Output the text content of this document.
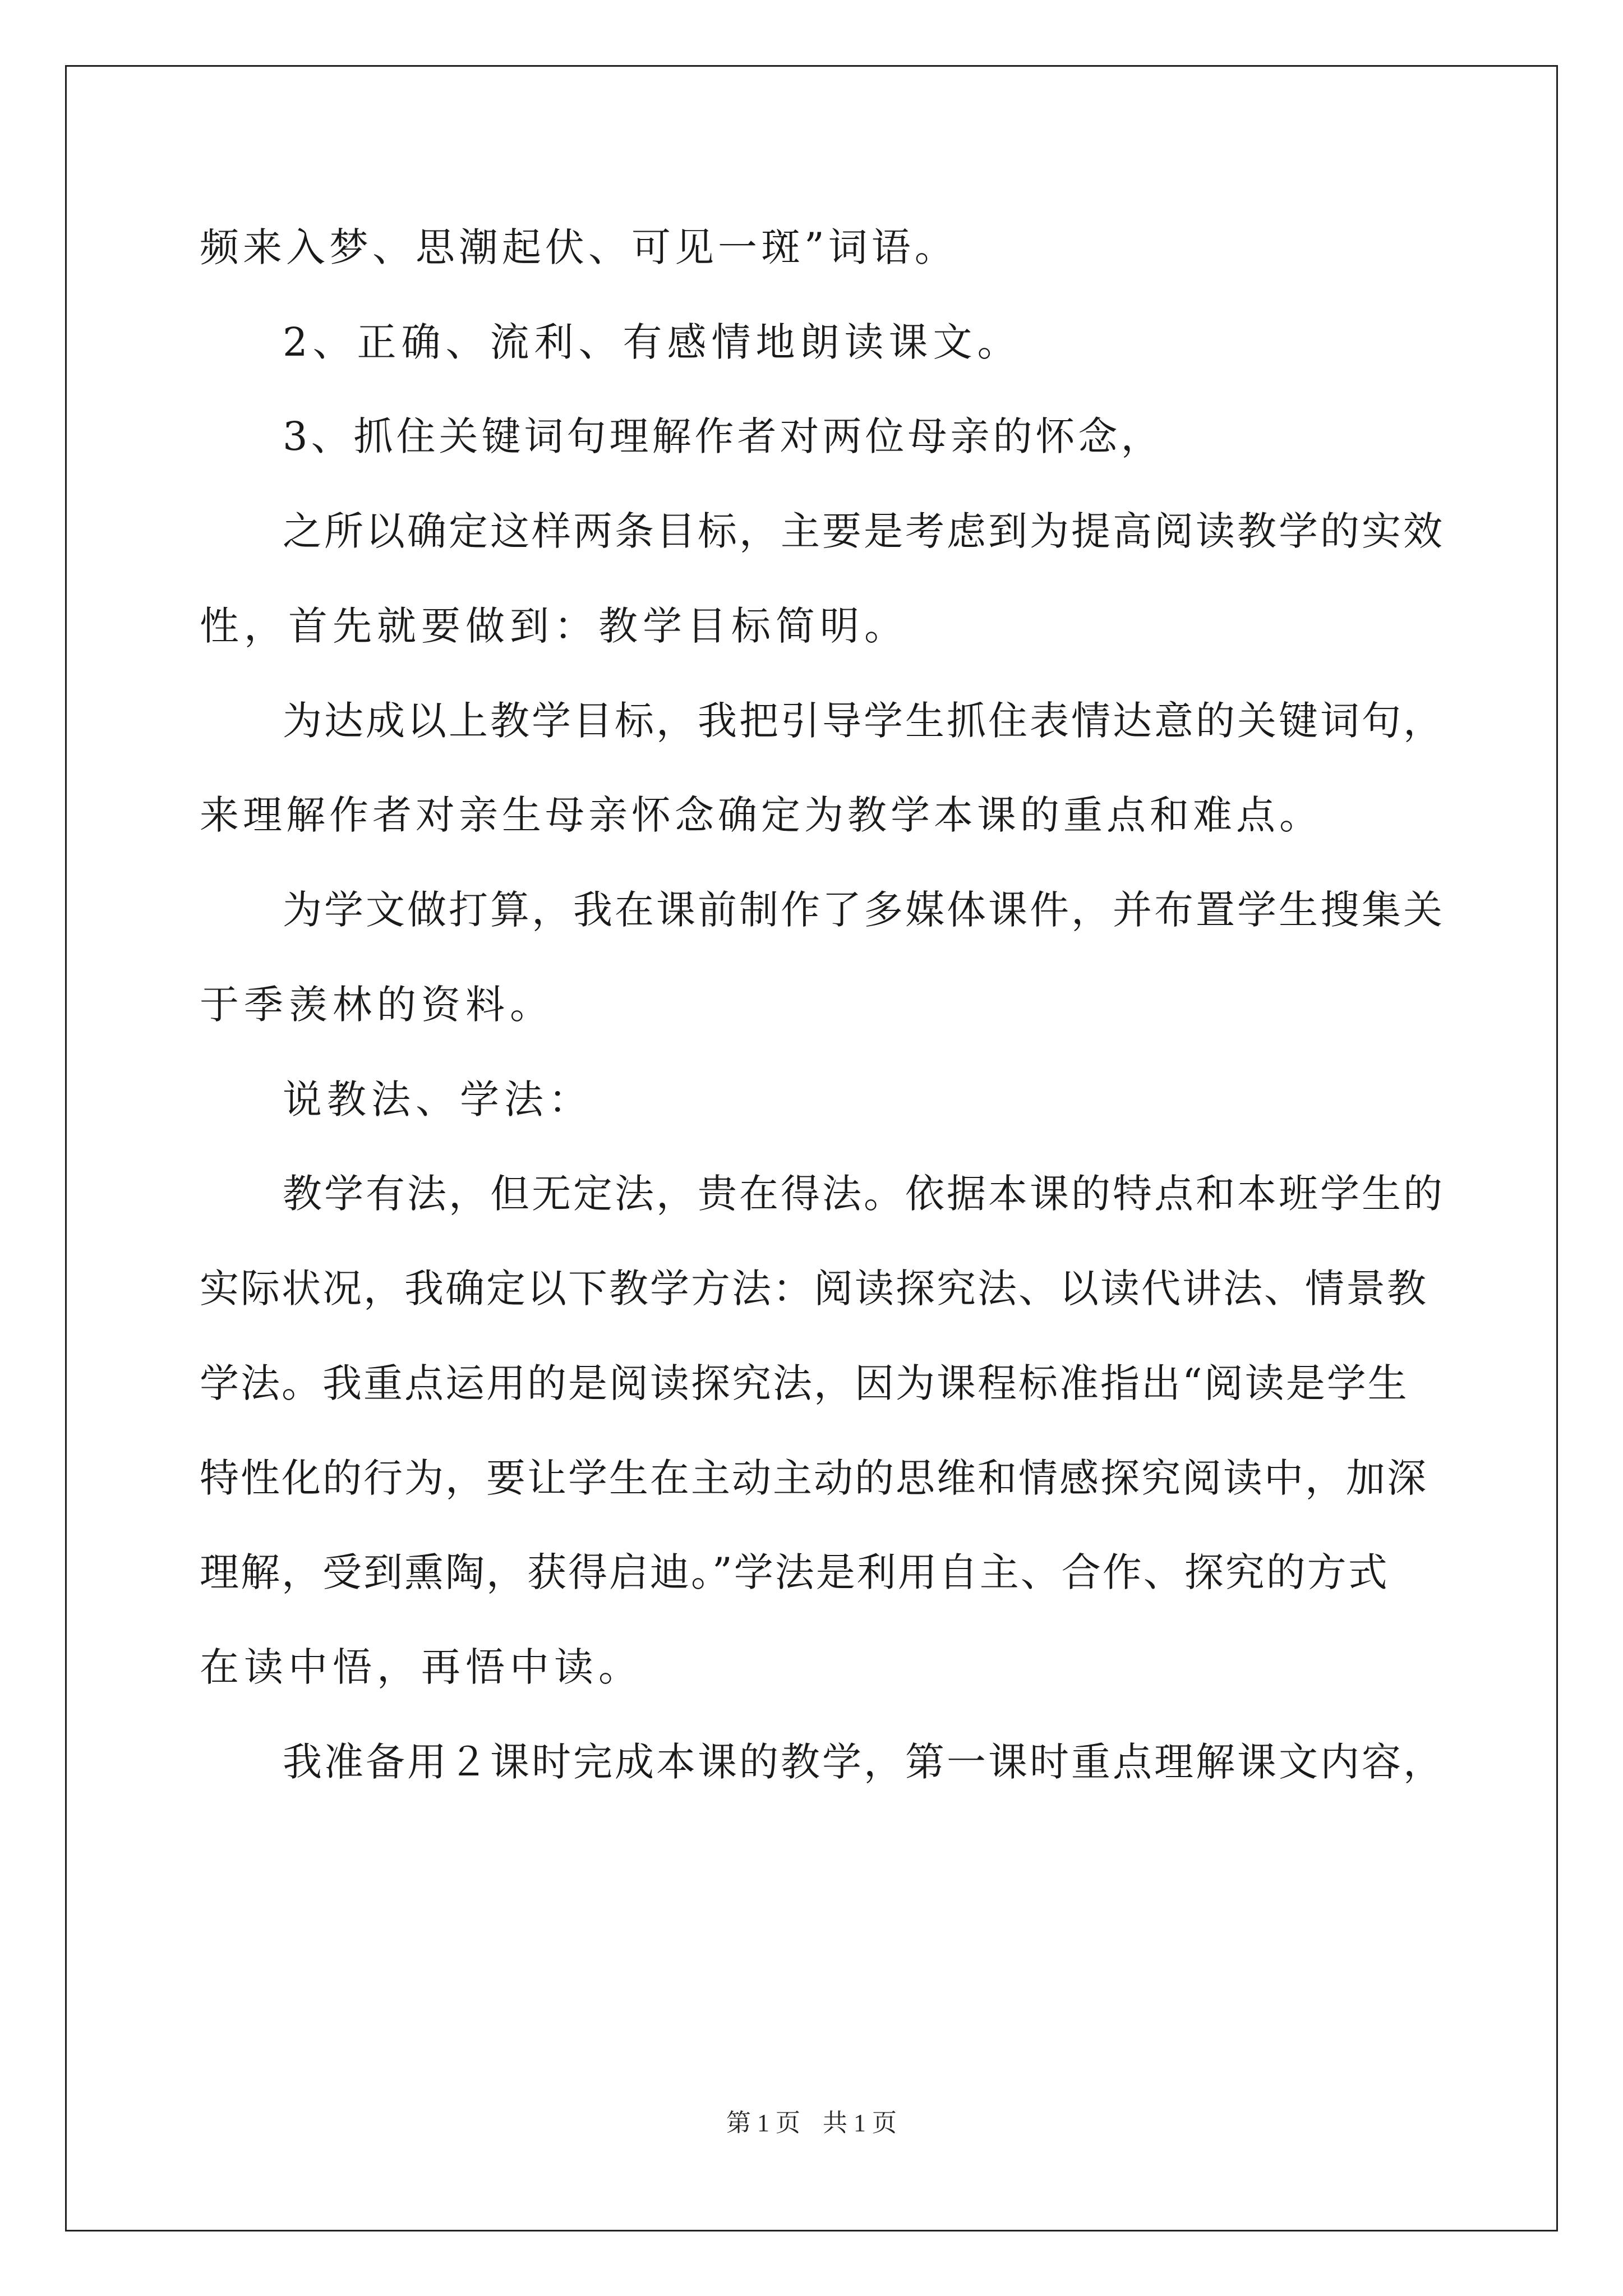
频来入梦、思潮起伏、可见一斑”词语。
2、正确、流利、有感情地朗读课文。
3、抓住关键词句理解作者对两位母亲的怀念，
之所以确定这样两条目标，主要是考虑到为提高阅读教学的实效
性，首先就要做到：教学目标简明。
为达成以上教学目标，我把引导学生抓住表情达意的关键词句，
来理解作者对亲生母亲怀念确定为教学本课的重点和难点。
为学文做打算，我在课前制作了多媒体课件，并布置学生搜集关
于季羡林的资料。
说教法、学法：
教学有法，但无定法，贵在得法。依据本课的特点和本班学生的
实际状况，我确定以下教学方法：阅读探究法、以读代讲法、情景教
学法。我重点运用的是阅读探究法，因为课程标准指出“阅读是学生
特性化的行为，要让学生在主动主动的思维和情感探究阅读中，加深
理解，受到熏陶，获得启迪。”学法是利用自主、合作、探究的方式
在读中悟，再悟中读。
我准备用２课时完成本课的教学，第一课时重点理解课文内容，
第 1 页 共 1 页
